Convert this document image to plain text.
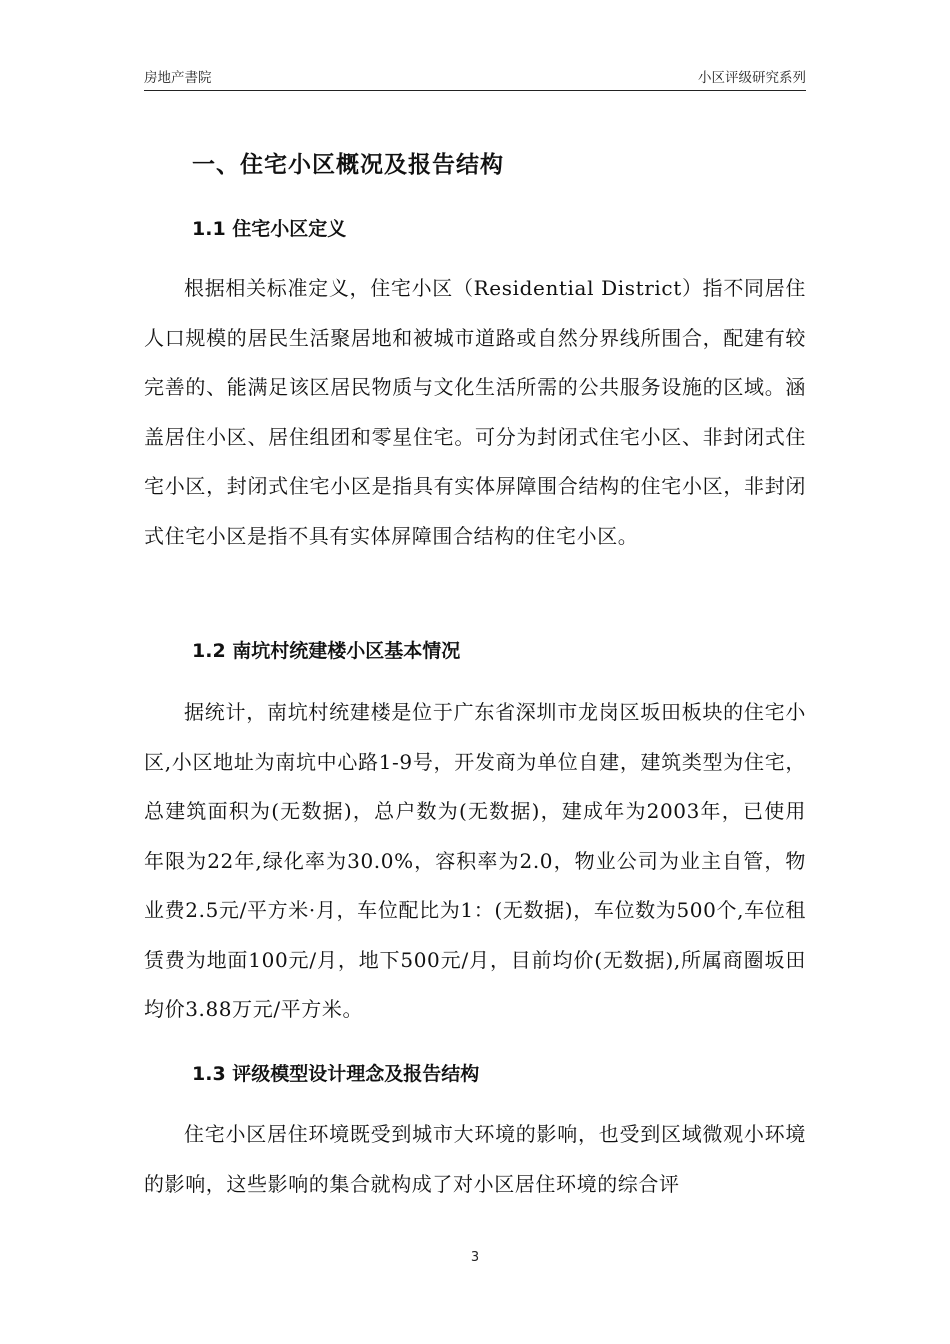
房地产書院	小区评级研究系列
一、住宅小区概况及报告结构
1.1 住宅小区定义

根据相关标准定义，住宅小区（Residential District）指不同居住人口规模的居民生活聚居地和被城市道路或自然分界线所围合，配建有较完善的、能满足该区居民物质与文化生活所需的公共服务设施的区域。涵盖居住小区、居住组团和零星住宅。可分为封闭式住宅小区、非封闭式住宅小区，封闭式住宅小区是指具有实体屏障围合结构的住宅小区，非封闭式住宅小区是指不具有实体屏障围合结构的住宅小区。

1.2 南坑村统建楼小区基本情况

据统计，南坑村统建楼是位于广东省深圳市龙岗区坂田板块的住宅小区,小区地址为南坑中心路1-9号，开发商为单位自建，建筑类型为住宅，总建筑面积为(无数据)，总户数为(无数据)，建成年为2003年，已使用年限为22年,绿化率为30.0%，容积率为2.0，物业公司为业主自管，物业费2.5元/平方米·月，车位配比为1：(无数据)，车位数为500个,车位租赁费为地面100元/月，地下500元/月，目前均价(无数据),所属商圈坂田均价3.88万元/平方米。

1.3 评级模型设计理念及报告结构

住宅小区居住环境既受到城市大环境的影响，也受到区域微观小环境的影响，这些影响的集合就构成了对小区居住环境的综合评

3
